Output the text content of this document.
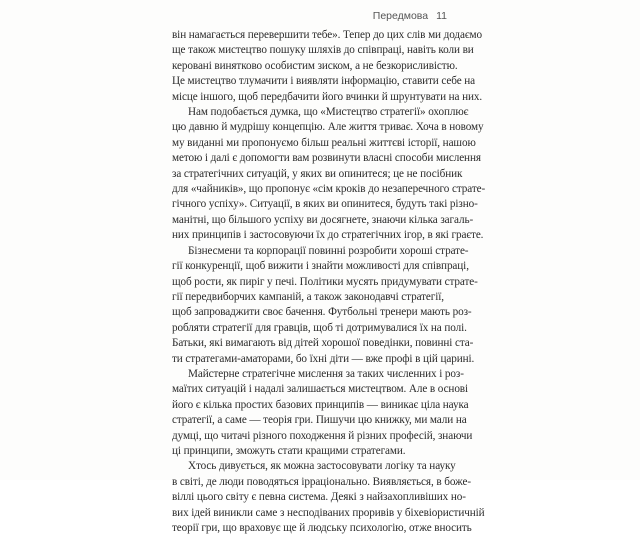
Передмова 11
він намагається перевершити тебе». Тепер до цих слів ми додаємо
ще також мистецтво пошуку шляхів до співпраці, навіть коли ви
керовані винятково особистим зиском, а не безкорисливістю.
Це мистецтво тлумачити і виявляти інформацію, ставити себе на
місце іншого, щоб передбачити його вчинки й шрунтувати на них.
Нам подобається думка, що «Мистецтво стратегії» охоплює
цю давню й мудрішу концепцію. Але життя триває. Хоча в новому
му виданні ми пропонуємо більш реальні життєві історії, нашою
метою і далі є допомогти вам розвинути власні способи мислення
за стратегічних ситуацій, у яких ви опинитеся; це не посібник
для «чайників», що пропонує «сім кроків до незаперечного страте-
гічного успіху». Ситуації, в яких ви опинитеся, будуть такі різно-
манітні, що більшого успіху ви досягнете, знаючи кілька загаль-
них принципів і застосовуючи їх до стратегічних ігор, в які граєте.
Бізнесмени та корпорації повинні розробити хороші страте-
гії конкуренції, щоб вижити і знайти можливості для співпраці,
щоб рости, як пиріг у печі. Політики мусять придумувати страте-
гії передвиборчих кампаній, а також законодавчі стратегії,
щоб запроваджити своє бачення. Футбольні тренери мають роз-
робляти стратегії для гравців, щоб ті дотримувалися їх на полі.
Батьки, які вимагають від дітей хорошої поведінки, повинні ста-
ти стратегами-аматорами, бо їхні діти — вже профі в цій царині.
Майстерне стратегічне мислення за таких численних і роз-
маїтих ситуацій і надалі залишається мистецтвом. Але в основі
його є кілька простих базових принципів — виникає ціла наука
стратегії, а саме — теорія гри. Пишучи цю книжку, ми мали на
думці, що читачі різного походження й різних професій, знаючи
ці принципи, зможуть стати кращими стратегами.
Хтось дивується, як можна застосовувати логіку та науку
в світі, де люди поводяться ірраціонально. Виявляється, в боже-
віллі цього світу є певна система. Деякі з найзахопливіших но-
вих ідей виникли саме з несподіваних проривів у біхевіористичній
теорії гри, що враховує ще й людську психологію, отже вносить
